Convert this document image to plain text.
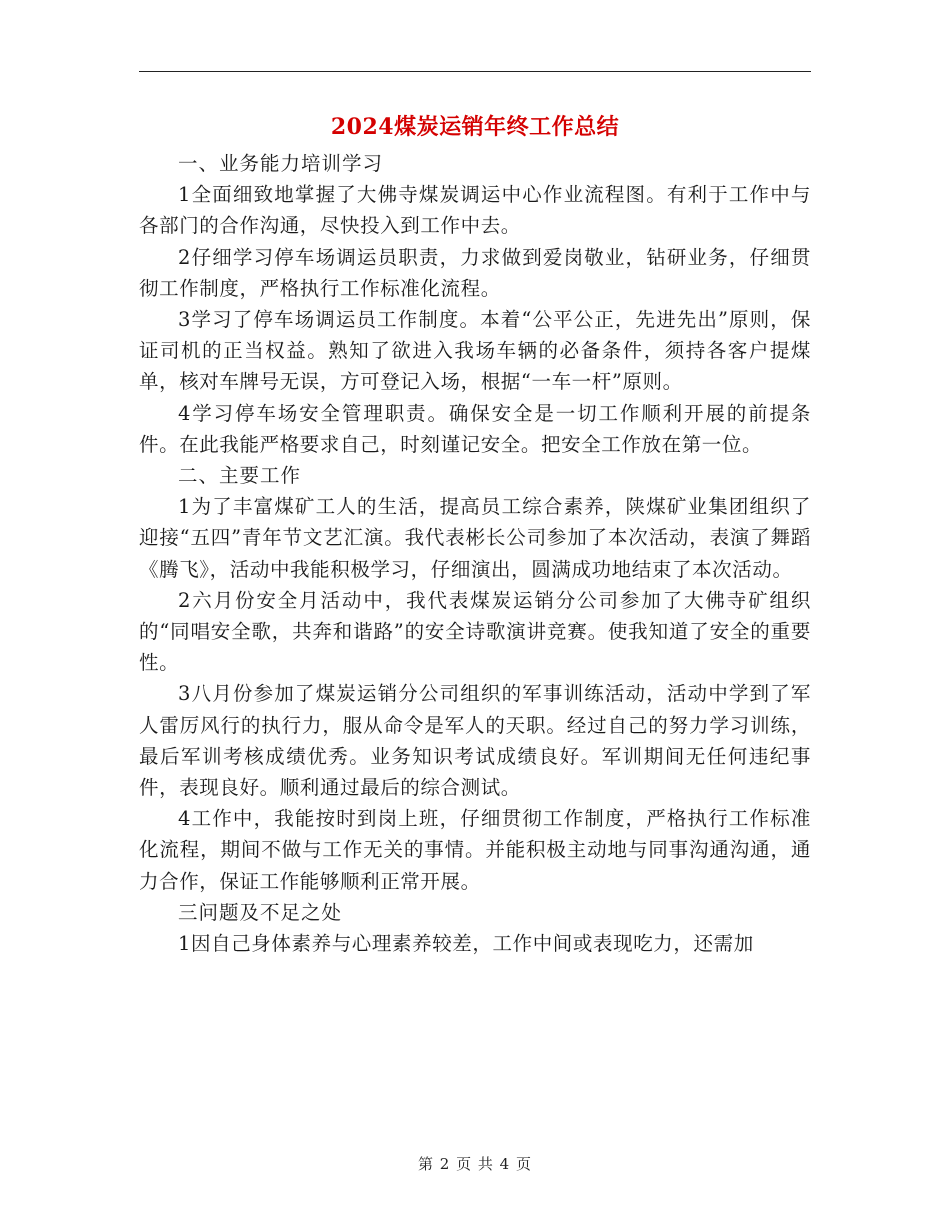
2024煤炭运销年终工作总结

一、业务能力培训学习

1全面细致地掌握了大佛寺煤炭调运中心作业流程图。有利于工作中与各部门的合作沟通，尽快投入到工作中去。

2仔细学习停车场调运员职责，力求做到爱岗敬业，钻研业务，仔细贯彻工作制度，严格执行工作标准化流程。

3学习了停车场调运员工作制度。本着“公平公正，先进先出”原则，保证司机的正当权益。熟知了欲进入我场车辆的必备条件，须持各客户提煤单，核对车牌号无误，方可登记入场，根据“一车一杆”原则。

4学习停车场安全管理职责。确保安全是一切工作顺利开展的前提条件。在此我能严格要求自己，时刻谨记安全。把安全工作放在第一位。

二、主要工作

1为了丰富煤矿工人的生活，提高员工综合素养，陕煤矿业集团组织了迎接“五四”青年节文艺汇演。我代表彬长公司参加了本次活动，表演了舞蹈《腾飞》，活动中我能积极学习，仔细演出，圆满成功地结束了本次活动。

2六月份安全月活动中，我代表煤炭运销分公司参加了大佛寺矿组织的“同唱安全歌，共奔和谐路”的安全诗歌演讲竞赛。使我知道了安全的重要性。

3八月份参加了煤炭运销分公司组织的军事训练活动，活动中学到了军人雷厉风行的执行力，服从命令是军人的天职。经过自己的努力学习训练，最后军训考核成绩优秀。业务知识考试成绩良好。军训期间无任何违纪事件，表现良好。顺利通过最后的综合测试。

4工作中，我能按时到岗上班，仔细贯彻工作制度，严格执行工作标准化流程，期间不做与工作无关的事情。并能积极主动地与同事沟通沟通，通力合作，保证工作能够顺利正常开展。

三问题及不足之处

1因自己身体素养与心理素养较差，工作中间或表现吃力，还需加

第 2 页 共 4 页
